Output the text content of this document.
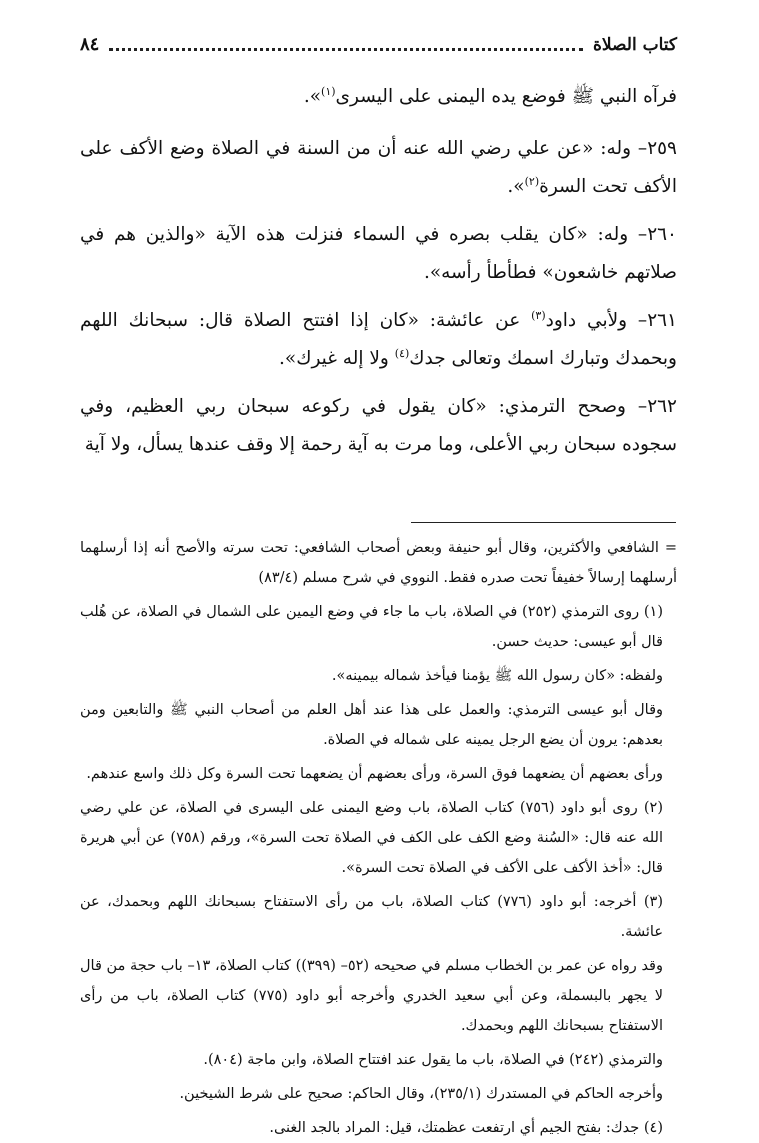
كتاب الصلاة
٨٤

فرآه النبي ﷺ فوضع يده اليمنى على اليسرى$^{(١)}$».

٢٥٩– وله: «عن علي رضي الله عنه أن من السنة في الصلاة وضع الأكف على الأكف تحت السرة$^{(٢)}$».

٢٦٠– وله: «كان يقلب بصره في السماء فنزلت هذه الآية «والذين هم في صلاتهم خاشعون» فطأطأ رأسه».

٢٦١– ولأبي داود$^{(٣)}$ عن عائشة: «كان إذا افتتح الصلاة قال: سبحانك اللهم وبحمدك وتبارك اسمك وتعالى جدك$^{(٤)}$ ولا إله غيرك».

٢٦٢– وصحح الترمذي: «كان يقول في ركوعه سبحان ربي العظيم، وفي سجوده سبحان ربي الأعلى، وما مرت به آية رحمة إلا وقف عندها يسأل، ولا آية

= الشافعي والأكثرين، وقال أبو حنيفة وبعض أصحاب الشافعي: تحت سرته والأصح أنه إذا أرسلهما أرسلهما إرسالاً خفيفاً تحت صدره فقط. النووي في شرح مسلم (٨٣/٤)

(١) روى الترمذي (٢٥٢) في الصلاة، باب ما جاء في وضع اليمين على الشمال في الصلاة، عن هُلب قال أبو عيسى: حديث حسن.

ولفظه: «كان رسول الله ﷺ يؤمنا فيأخذ شماله بيمينه».

وقال أبو عيسى الترمذي: والعمل على هذا عند أهل العلم من أصحاب النبي ﷺ والتابعين ومن بعدهم: يرون أن يضع الرجل يمينه على شماله في الصلاة.

ورأى بعضهم أن يضعهما فوق السرة، ورأى بعضهم أن يضعهما تحت السرة وكل ذلك واسع عندهم.

(٢) روى أبو داود (٧٥٦) كتاب الصلاة، باب وضع اليمنى على اليسرى في الصلاة، عن علي رضي الله عنه قال: «السُنة وضع الكف على الكف في الصلاة تحت السرة»، ورقم (٧٥٨) عن أبي هريرة قال: «أخذ الأكف على الأكف في الصلاة تحت السرة».

(٣) أخرجه: أبو داود (٧٧٦) كتاب الصلاة، باب من رأى الاستفتاح بسبحانك اللهم وبحمدك، عن عائشة.

وقد رواه عن عمر بن الخطاب مسلم في صحيحه (٥٢– (٣٩٩)) كتاب الصلاة، ١٣– باب حجة من قال لا يجهر بالبسملة، وعن أبي سعيد الخدري وأخرجه أبو داود (٧٧٥) كتاب الصلاة، باب من رأى الاستفتاح بسبحانك اللهم وبحمدك.

والترمذي (٢٤٢) في الصلاة، باب ما يقول عند افتتاح الصلاة، وابن ماجة (٨٠٤).

وأخرجه الحاكم في المستدرك (٢٣٥/١)، وقال الحاكم: صحيح على شرط الشيخين.

(٤) جدك: بفتح الجيم أي ارتفعت عظمتك، قيل: المراد بالجد الغنى.
